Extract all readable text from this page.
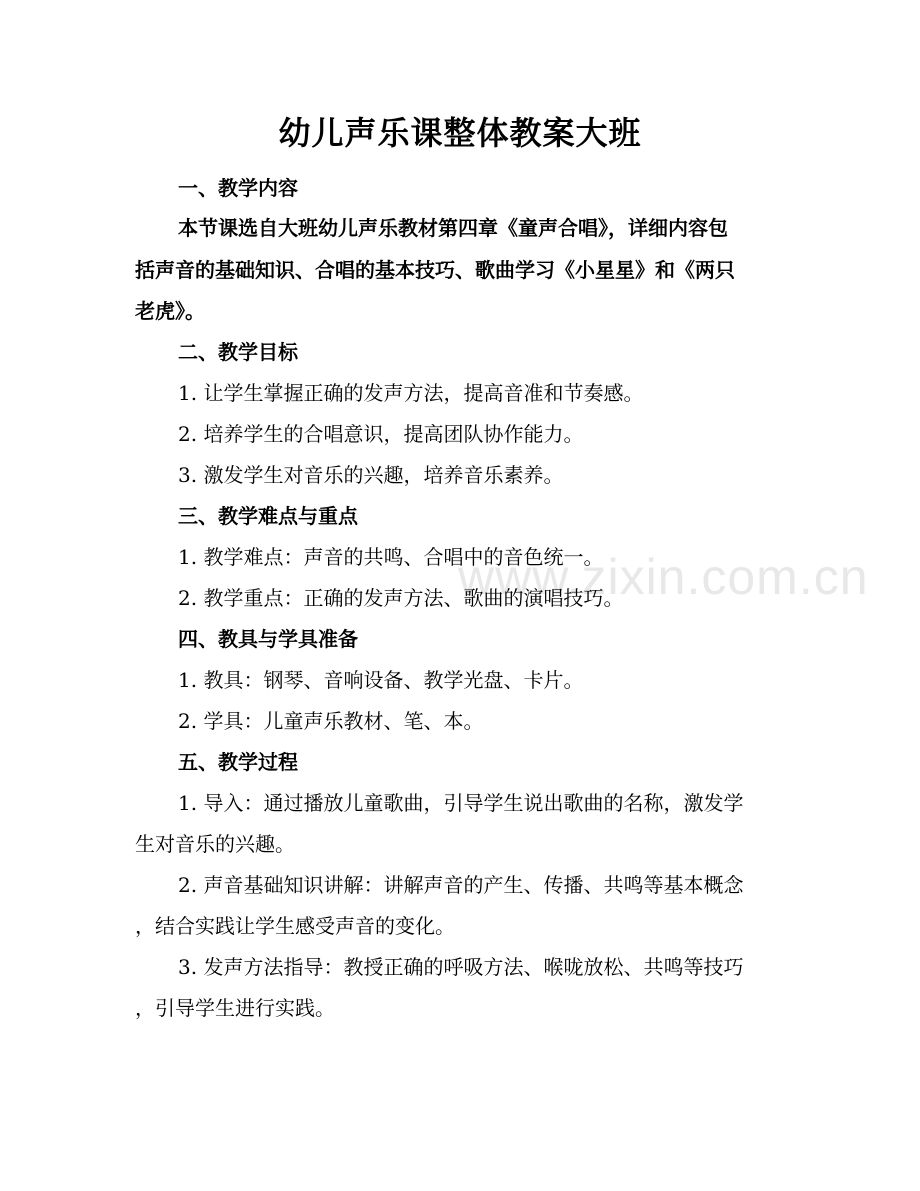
www.zixin.com.cn
幼儿声乐课整体教案大班
一、教学内容
本节课选自大班幼儿声乐教材第四章《童声合唱》，详细内容包
括声音的基础知识、合唱的基本技巧、歌曲学习《小星星》和《两只
老虎》。
二、教学目标
1. 让学生掌握正确的发声方法，提高音准和节奏感。
2. 培养学生的合唱意识，提高团队协作能力。
3. 激发学生对音乐的兴趣，培养音乐素养。
三、教学难点与重点
1. 教学难点：声音的共鸣、合唱中的音色统一。
2. 教学重点：正确的发声方法、歌曲的演唱技巧。
四、教具与学具准备
1. 教具：钢琴、音响设备、教学光盘、卡片。
2. 学具：儿童声乐教材、笔、本。
五、教学过程
1. 导入：通过播放儿童歌曲，引导学生说出歌曲的名称，激发学
生对音乐的兴趣。
2. 声音基础知识讲解：讲解声音的产生、传播、共鸣等基本概念
，结合实践让学生感受声音的变化。
3. 发声方法指导：教授正确的呼吸方法、喉咙放松、共鸣等技巧
，引导学生进行实践。
